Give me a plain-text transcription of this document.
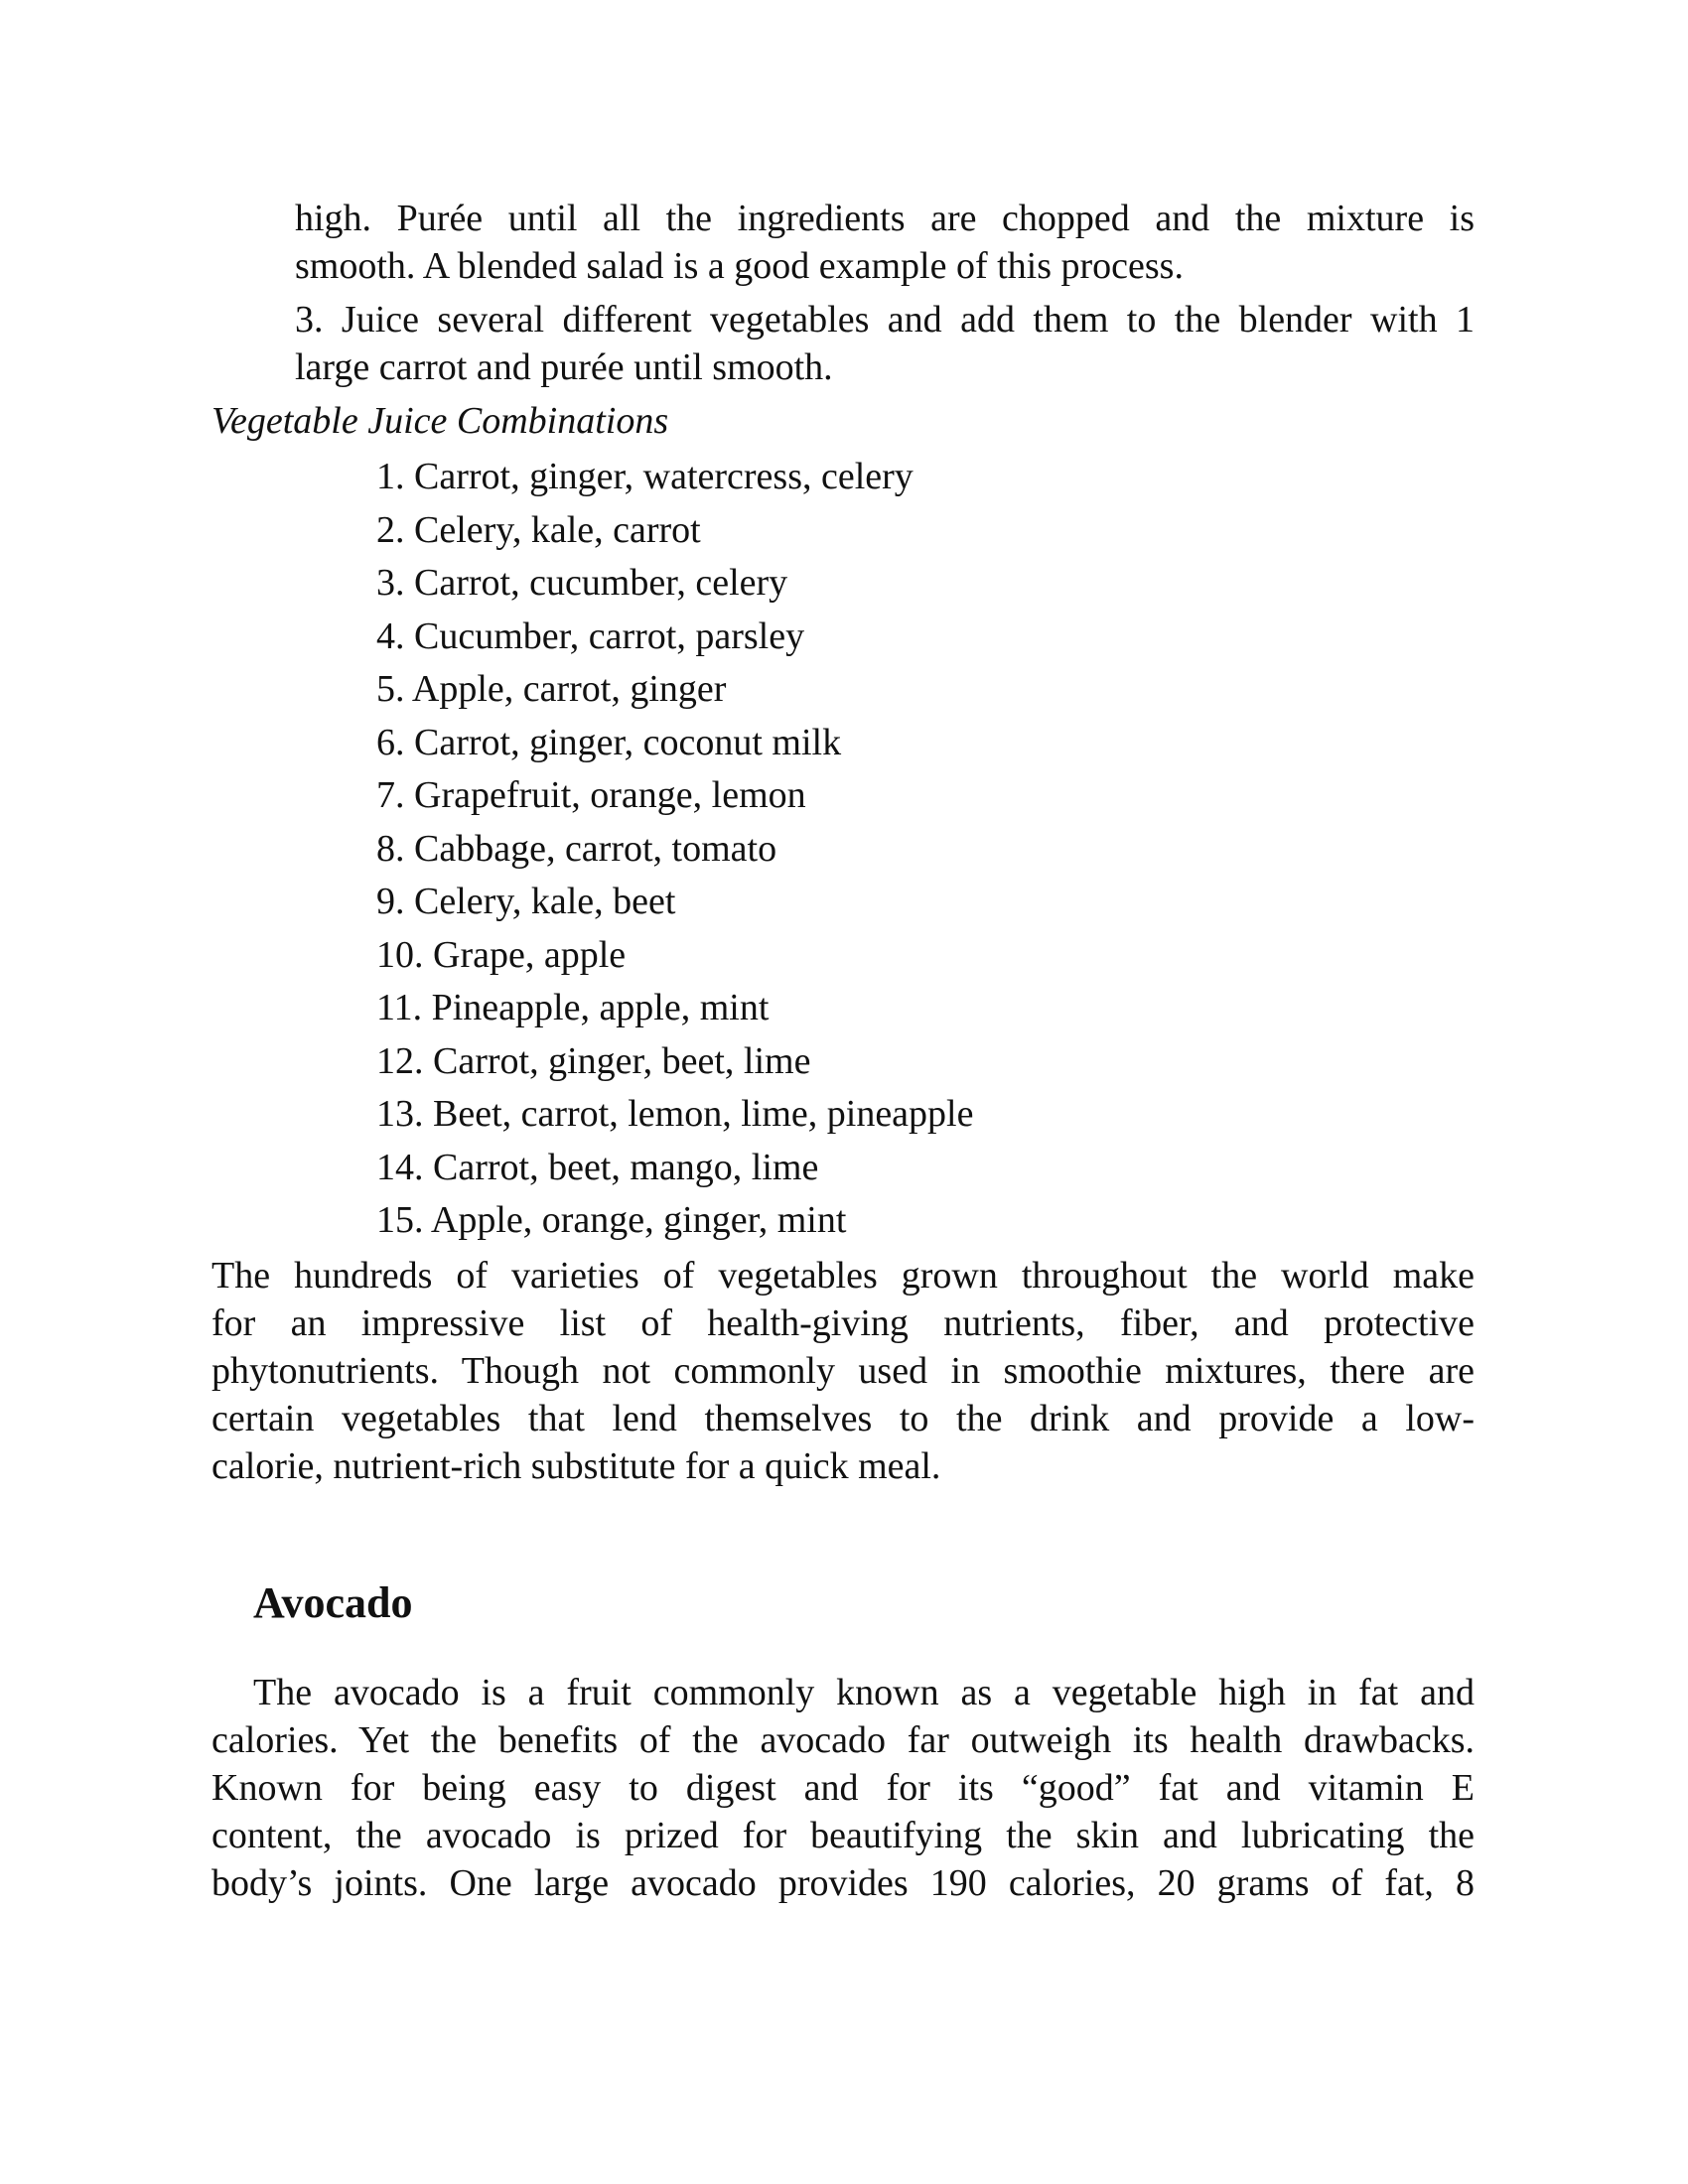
high. Purée until all the ingredients are chopped and the mixture is

smooth. A blended salad is a good example of this process.

3. Juice several different vegetables and add them to the blender with 1

large carrot and purée until smooth.

Vegetable Juice Combinations

1. Carrot, ginger, watercress, celery
2. Celery, kale, carrot
3. Carrot, cucumber, celery
4. Cucumber, carrot, parsley
5. Apple, carrot, ginger
6. Carrot, ginger, coconut milk
7. Grapefruit, orange, lemon
8. Cabbage, carrot, tomato
9. Celery, kale, beet
10. Grape, apple
11. Pineapple, apple, mint
12. Carrot, ginger, beet, lime
13. Beet, carrot, lemon, lime, pineapple
14. Carrot, beet, mango, lime
15. Apple, orange, ginger, mint

The hundreds of varieties of vegetables grown throughout the world make

for an impressive list of health-giving nutrients, fiber, and protective

phytonutrients. Though not commonly used in smoothie mixtures, there are

certain vegetables that lend themselves to the drink and provide a low-

calorie, nutrient-rich substitute for a quick meal.

Avocado

The avocado is a fruit commonly known as a vegetable high in fat and

calories. Yet the benefits of the avocado far outweigh its health drawbacks.

Known for being easy to digest and for its “good” fat and vitamin E

content, the avocado is prized for beautifying the skin and lubricating the

body’s joints. One large avocado provides 190 calories, 20 grams of fat, 8
